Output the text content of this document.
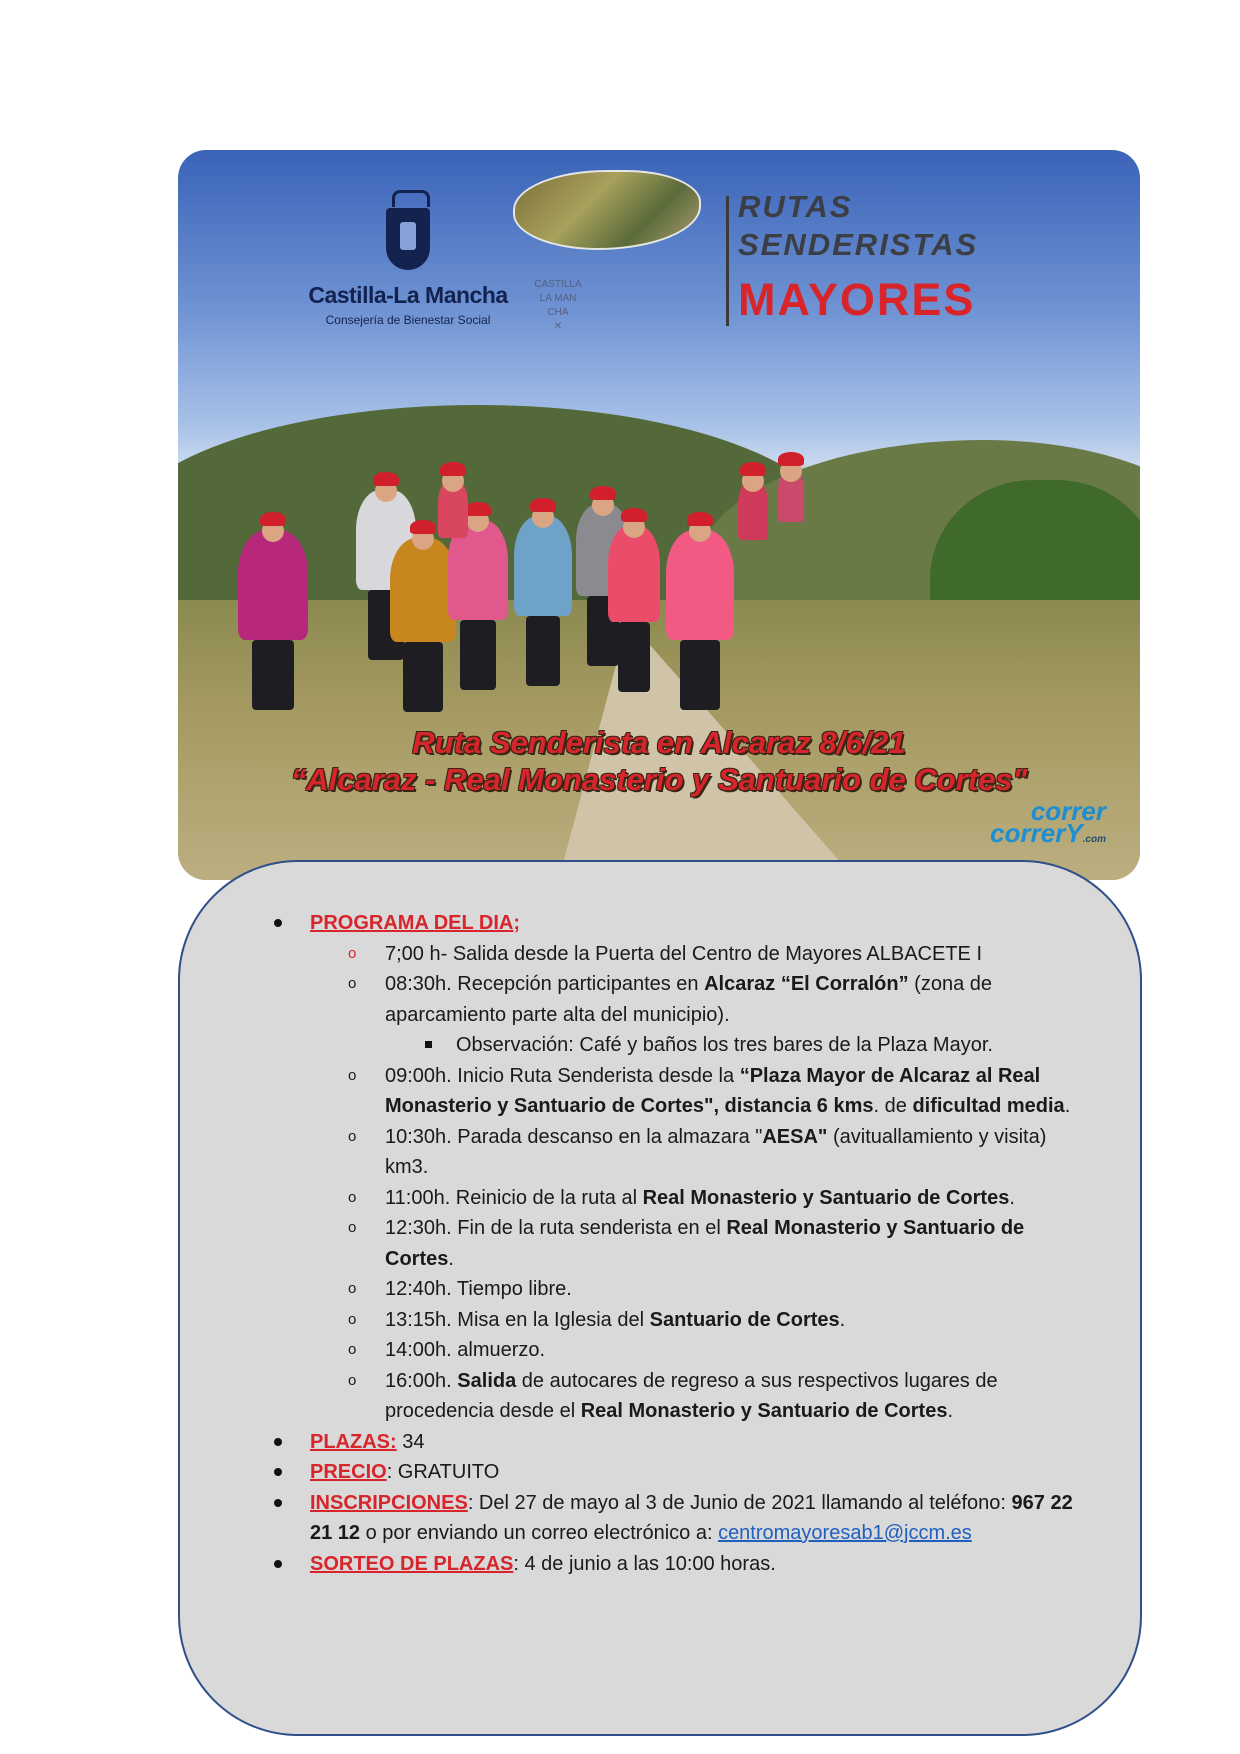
Castilla-La Mancha
Consejería de Bienestar Social
CASTILLA
LA MAN
CHA
✕
RUTAS
SENDERISTAS
MAYORES
Ruta Senderista en Alcaraz 8/6/21
“Alcaraz - Real Monasterio y Santuario de Cortes"
correr
correrY.com
PROGRAMA DEL DIA;
o 7;00 h- Salida desde la Puerta del Centro de Mayores ALBACETE I
o 08:30h. Recepción participantes en Alcaraz “El Corralón” (zona de aparcamiento parte alta del municipio).
Observación: Café y baños los tres bares de la Plaza Mayor.
o 09:00h. Inicio Ruta Senderista desde la “Plaza Mayor de Alcaraz al Real Monasterio y Santuario de Cortes", distancia 6 kms. de dificultad media.
o 10:30h. Parada descanso en la almazara "AESA" (avituallamiento y visita) km3.
o 11:00h. Reinicio de la ruta al Real Monasterio y Santuario de Cortes.
o 12:30h. Fin de la ruta senderista en el Real Monasterio y Santuario de Cortes.
o 12:40h. Tiempo libre.
o 13:15h. Misa en la Iglesia del Santuario de Cortes.
o 14:00h. almuerzo.
o 16:00h. Salida de autocares de regreso a sus respectivos lugares de procedencia desde el Real Monasterio y Santuario de Cortes.
PLAZAS: 34
PRECIO: GRATUITO
INSCRIPCIONES: Del 27 de mayo al 3 de Junio de 2021 llamando al teléfono: 967 22 21 12 o por enviando un correo electrónico a: centromayoresab1@jccm.es
SORTEO DE PLAZAS: 4 de junio a las 10:00 horas.
